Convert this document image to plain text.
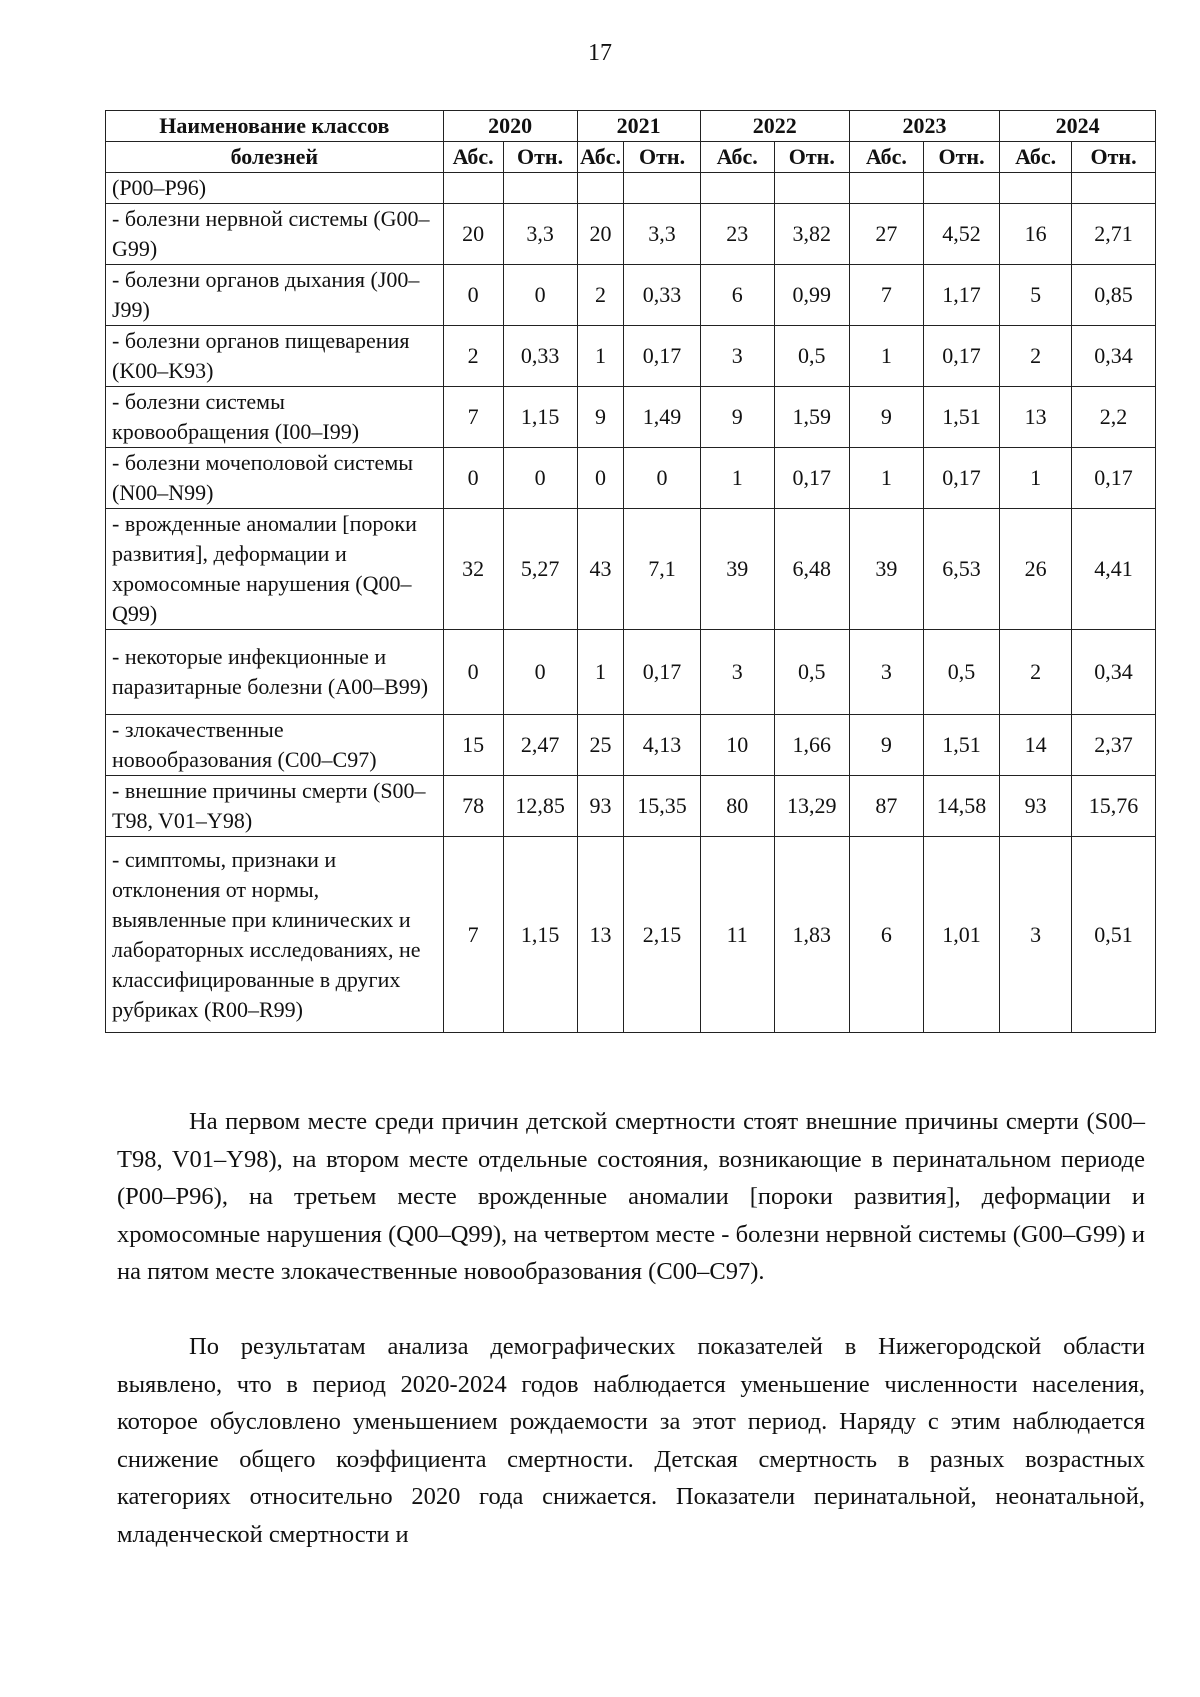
17
Наименование классов	2020		2021		2022		2023		2024	
болезней	Абс.	Отн.	Абс.	Отн.	Абс.	Отн.	Абс.	Отн.	Абс.	Отн.
(P00–P96)										
- болезни нервной системы (G00–G99)	20	3,3	20	3,3	23	3,82	27	4,52	16	2,71
- болезни органов дыхания (J00–J99)	0	0	2	0,33	6	0,99	7	1,17	5	0,85
- болезни органов пищеварения (K00–K93)	2	0,33	1	0,17	3	0,5	1	0,17	2	0,34
- болезни системы кровообращения (I00–I99)	7	1,15	9	1,49	9	1,59	9	1,51	13	2,2
- болезни мочеполовой системы (N00–N99)	0	0	0	0	1	0,17	1	0,17	1	0,17
- врожденные аномалии [пороки развития], деформации и хромосомные нарушения (Q00–Q99)	32	5,27	43	7,1	39	6,48	39	6,53	26	4,41
- некоторые инфекционные и паразитарные болезни (A00–B99)	0	0	1	0,17	3	0,5	3	0,5	2	0,34
- злокачественные новообразования (C00–C97)	15	2,47	25	4,13	10	1,66	9	1,51	14	2,37
- внешние причины смерти (S00–T98, V01–Y98)	78	12,85	93	15,35	80	13,29	87	14,58	93	15,76
- симптомы, признаки и отклонения от нормы, выявленные при клинических и лабораторных исследованиях, не классифицированные в других рубриках (R00–R99)	7	1,15	13	2,15	11	1,83	6	1,01	3	0,51

На первом месте среди причин детской смертности стоят внешние причины смерти (S00–T98, V01–Y98), на втором месте отдельные состояния, возникающие в перинатальном периоде (P00–P96), на третьем месте врожденные аномалии [пороки развития], деформации и хромосомные нарушения (Q00–Q99), на четвертом месте - болезни нервной системы (G00–G99) и на пятом месте злокачественные новообразования (C00–C97).

По результатам анализа демографических показателей в Нижегородской области выявлено, что в период 2020-2024 годов наблюдается уменьшение численности населения, которое обусловлено уменьшением рождаемости за этот период. Наряду с этим наблюдается снижение общего коэффициента смертности. Детская смертность в разных возрастных категориях относительно 2020 года снижается. Показатели перинатальной, неонатальной, младенческой смертности и
